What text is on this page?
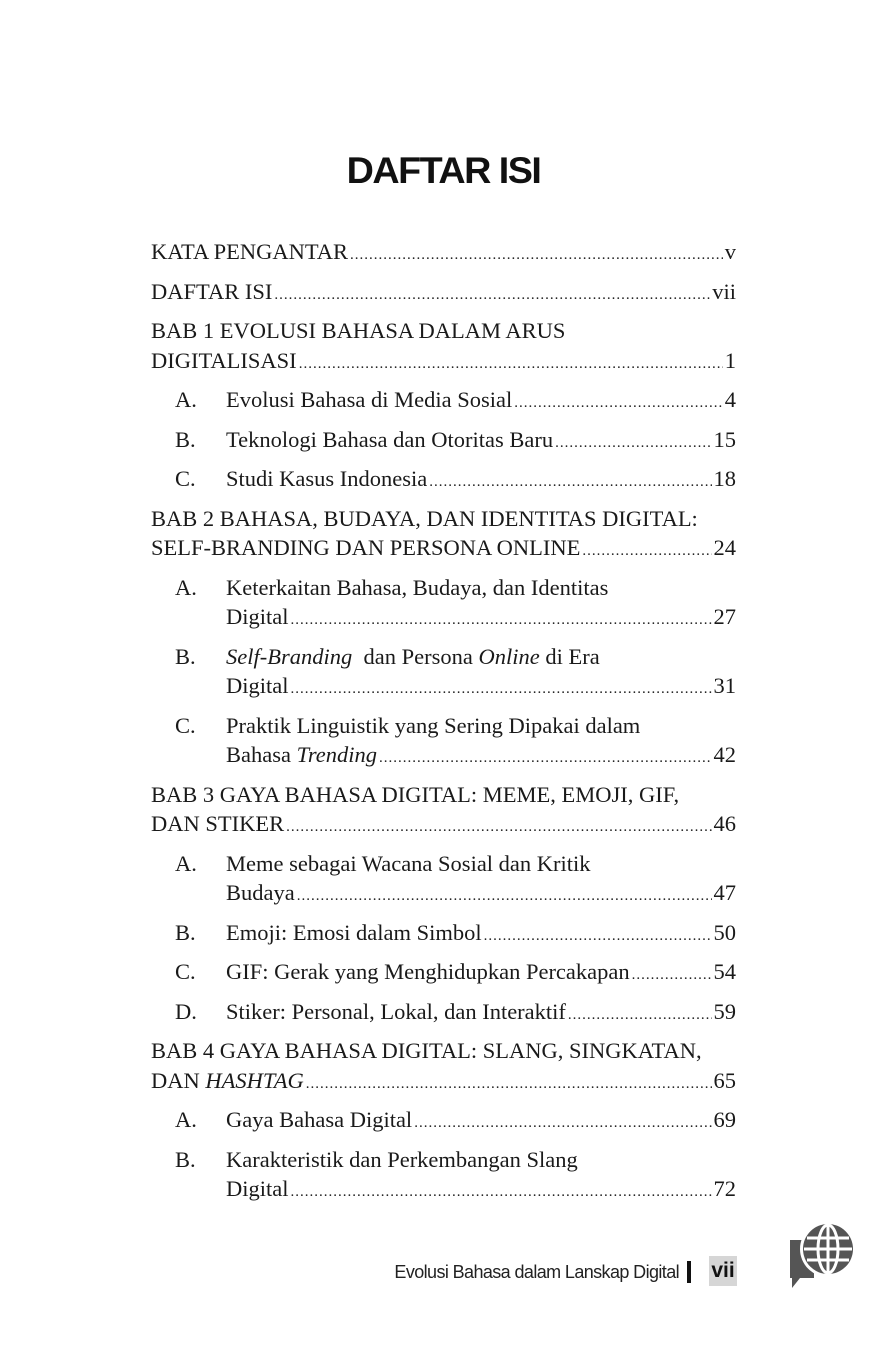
DAFTAR ISI
KATA PENGANTAR .....	v
DAFTAR ISI .....	vii
BAB 1 EVOLUSI BAHASA DALAM ARUS
DIGITALISASI .....	1
A. Evolusi Bahasa di Media Sosial .....	4
B. Teknologi Bahasa dan Otoritas Baru .....	15
C. Studi Kasus Indonesia .....	18
BAB 2 BAHASA, BUDAYA, DAN IDENTITAS DIGITAL:
SELF-BRANDING DAN PERSONA ONLINE .....	24
A. Keterkaitan Bahasa, Budaya, dan Identitas
Digital .....	27
B. Self-Branding  dan Persona Online di Era
Digital .....	31
C. Praktik Linguistik yang Sering Dipakai dalam
Bahasa Trending .....	42
BAB 3 GAYA BAHASA DIGITAL: MEME, EMOJI, GIF,
DAN STIKER .....	46
A. Meme sebagai Wacana Sosial dan Kritik
Budaya .....	47
B. Emoji: Emosi dalam Simbol .....	50
C. GIF: Gerak yang Menghidupkan Percakapan .....	54
D. Stiker: Personal, Lokal, dan Interaktif .....	59
BAB 4 GAYA BAHASA DIGITAL: SLANG, SINGKATAN,
DAN HASHTAG .....	65
A. Gaya Bahasa Digital .....	69
B. Karakteristik dan Perkembangan Slang
Digital .....	72
Evolusi Bahasa dalam Lanskap Digital vii
